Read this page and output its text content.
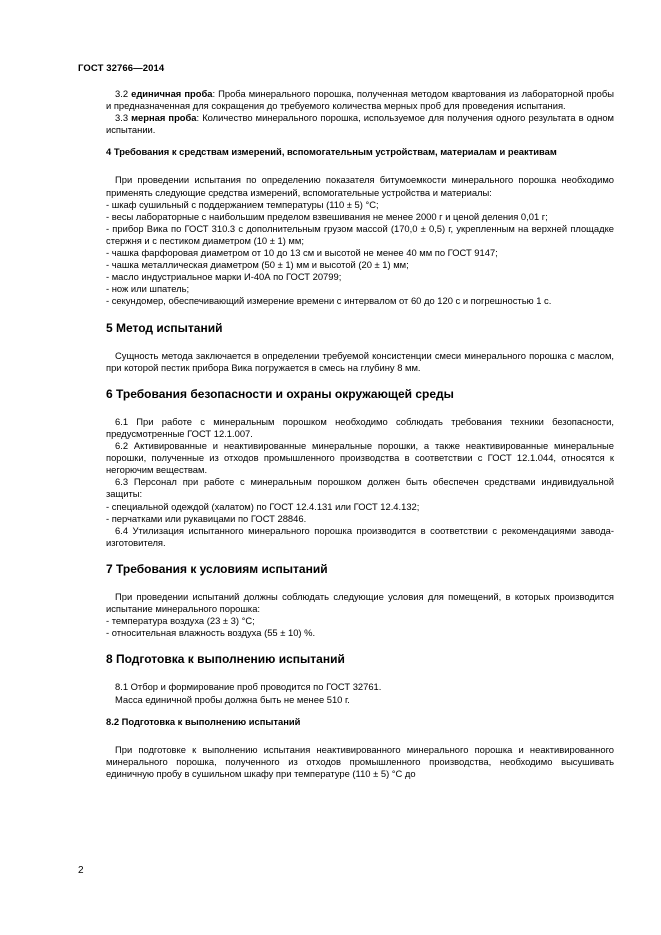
ГОСТ 32766—2014

3.2 единичная проба: Проба минерального порошка, полученная методом квартования из лабораторной пробы и предназначенная для сокращения до требуемого количества мерных проб для проведения испытания.

3.3 мерная проба: Количество минерального порошка, используемое для получения одного результата в одном испытании.

4 Требования к средствам измерений, вспомогательным устройствам, материалам и реактивам

При проведении испытания по определению показателя битумоемкости минерального порошка необходимо применять следующие средства измерений, вспомогательные устройства и материалы:

- шкаф сушильный с поддержанием температуры (110 ± 5) °С;

- весы лабораторные с наибольшим пределом взвешивания не менее 2000 г и ценой деления 0,01 г;

- прибор Вика по ГОСТ 310.3 с дополнительным грузом массой (170,0 ± 0,5) г, укрепленным на верхней площадке стержня и с пестиком диаметром (10 ± 1) мм;

- чашка фарфоровая диаметром от 10 до 13 см и высотой не менее 40 мм по ГОСТ 9147;

- чашка металлическая диаметром (50 ± 1) мм и высотой (20 ± 1) мм;

- масло индустриальное марки И-40А по ГОСТ 20799;

- нож или шпатель;

- секундомер, обеспечивающий измерение времени с интервалом от 60 до 120 с и погрешностью 1 с.

5 Метод испытаний

Сущность метода заключается в определении требуемой консистенции смеси минерального порошка с маслом, при которой пестик прибора Вика погружается в смесь на глубину 8 мм.

6 Требования безопасности и охраны окружающей среды

6.1 При работе с минеральным порошком необходимо соблюдать требования техники безопасности, предусмотренные ГОСТ 12.1.007.

6.2 Активированные и неактивированные минеральные порошки, а также неактивированные минеральные порошки, полученные из отходов промышленного производства в соответствии с ГОСТ 12.1.044, относятся к негорючим веществам.

6.3 Персонал при работе с минеральным порошком должен быть обеспечен средствами индивидуальной защиты:

- специальной одеждой (халатом) по ГОСТ 12.4.131 или ГОСТ 12.4.132;

- перчатками или рукавицами по ГОСТ 28846.

6.4 Утилизация испытанного минерального порошка производится в соответствии с рекомендациями завода-изготовителя.

7 Требования к условиям испытаний

При проведении испытаний должны соблюдать следующие условия для помещений, в которых производится испытание минерального порошка:

- температура воздуха (23 ± 3) °С;

- относительная влажность воздуха (55 ± 10) %.

8 Подготовка к выполнению испытаний

8.1 Отбор и формирование проб проводится по ГОСТ 32761.

Масса единичной пробы должна быть не менее 510 г.

8.2 Подготовка к выполнению испытаний

При подготовке к выполнению испытания неактивированного минерального порошка и неактивированного минерального порошка, полученного из отходов промышленного производства, необходимо высушивать единичную пробу в сушильном шкафу при температуре (110 ± 5) °С до

2
